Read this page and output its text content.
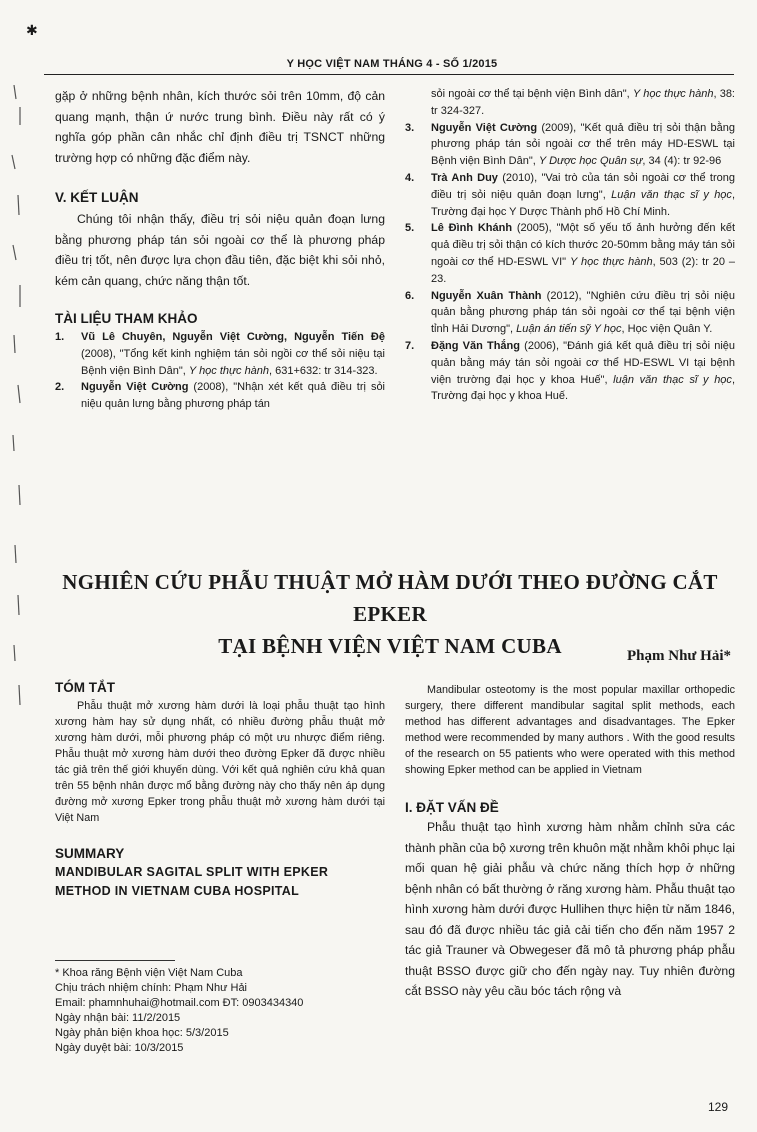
✱
Y HỌC VIỆT NAM THÁNG 4 - SỐ 1/2015

gặp ở những bệnh nhân, kích thước sỏi trên 10mm, độ cản quang mạnh, thận ứ nước trung bình. Điều này rất có ý nghĩa góp phần cân nhắc chỉ định điều trị TSNCT những trường hợp có những đặc điểm này.

V. KẾT LUẬN

Chúng tôi nhận thấy, điều trị sỏi niệu quản đoạn lưng bằng phương pháp tán sỏi ngoài cơ thể là phương pháp điều trị tốt, nên được lựa chọn đầu tiên, đặc biệt khi sỏi nhỏ, kém cản quang, chức năng thận tốt.

TÀI LIỆU THAM KHẢO
1. Vũ Lê Chuyên, Nguyễn Việt Cường, Nguyễn Tiến Đệ (2008), "Tổng kết kinh nghiệm tán sỏi ngồi cơ thể sỏi niệu tại Bệnh viện Bình Dân", Y học thực hành, 631+632: tr 314-323.
2. Nguyễn Việt Cường (2008), "Nhận xét kết quả điều trị sỏi niệu quản lưng bằng phương pháp tán
sỏi ngoài cơ thể tại bệnh viện Bình dân", Y học thực hành, 38: tr 324-327.
3. Nguyễn Việt Cường (2009), "Kết quả điều trị sỏi thận bằng phương pháp tán sỏi ngoài cơ thể trên máy HD-ESWL tại Bệnh viện Bình Dân", Y Dược học Quân sự, 34 (4): tr 92-96
4. Trà Anh Duy (2010), "Vai trò của tán sỏi ngoài cơ thể trong điều trị sỏi niệu quản đoạn lưng", Luận văn thạc sĩ y học, Trường đại học Y Dược Thành phố Hồ Chí Minh.
5. Lê Đình Khánh (2005), "Một số yếu tố ảnh hưởng đến kết quả điều trị sỏi thận có kích thước 20-50mm bằng máy tán sỏi ngoài cơ thể HD-ESWL VI" Y học thực hành, 503 (2): tr 20 – 23.
6. Nguyễn Xuân Thành (2012), "Nghiên cứu điều trị sỏi niệu quản bằng phương pháp tán sỏi ngoài cơ thể tại bệnh viện tỉnh Hải Dương", Luận án tiến sỹ Y học, Học viện Quân Y.
7. Đặng Văn Thắng (2006), "Đánh giá kết quả điều trị sỏi niệu quản bằng máy tán sỏi ngoài cơ thể HD-ESWL VI tại bệnh viện trường đại học y khoa Huế", luận văn thạc sĩ y học, Trường đại học y khoa Huế.
NGHIÊN CỨU PHẪU THUẬT MỞ HÀM DƯỚI THEO ĐƯỜNG CẮT EPKER
TẠI BỆNH VIỆN VIỆT NAM CUBA	Phạm Như Hải*
TÓM TẮT

Phẫu thuật mở xương hàm dưới là loại phẫu thuật tạo hình xương hàm hay sử dụng nhất, có nhiều đường phẫu thuật mở xương hàm dưới, mỗi phương pháp có một ưu nhược điểm riêng. Phẫu thuật mở xương hàm dưới theo đường Epker đã được nhiều tác giả trên thế giới khuyến dùng. Với kết quả nghiên cứu khả quan trên 55 bệnh nhân được mổ bằng đường này cho thấy nên áp dụng đường mở xương Epker trong phẫu thuật mở xương hàm dưới tại Việt Nam

SUMMARY

MANDIBULAR SAGITAL SPLIT WITH EPKER METHOD IN VIETNAM CUBA HOSPITAL

Mandibular osteotomy is the most popular maxillar orthopedic surgery, there different mandibular sagital split methods, each method has different advantages and disadvantages. The Epker method were recommended by many authors . With the good results of the research on 55 patients who were operated with this method showing Epker method can be applied in Vietnam

I. ĐẶT VẤN ĐỀ

Phẫu thuật tạo hình xương hàm nhằm chỉnh sửa các thành phần của bộ xương trên khuôn mặt nhằm khôi phục lại mối quan hệ giải phẫu và chức năng thích hợp ở những bệnh nhân có bất thường ở răng xương hàm. Phẫu thuật tạo hình xương hàm dưới được Hullihen thực hiện từ năm 1846, sau đó đã được nhiều tác giả cải tiến cho đến năm 1957 2 tác giả Trauner và Obwegeser đã mô tả phương pháp phẫu thuật BSSO được giữ cho đến ngày nay. Tuy nhiên đường cắt BSSO này yêu cầu bóc tách rộng và

* Khoa răng Bệnh viện Việt Nam Cuba
Chịu trách nhiệm chính: Phạm Như Hải
Email: phamnhuhai@hotmail.com ĐT: 0903434340
Ngày nhận bài: 11/2/2015
Ngày phản biện khoa học: 5/3/2015
Ngày duyệt bài: 10/3/2015
129
